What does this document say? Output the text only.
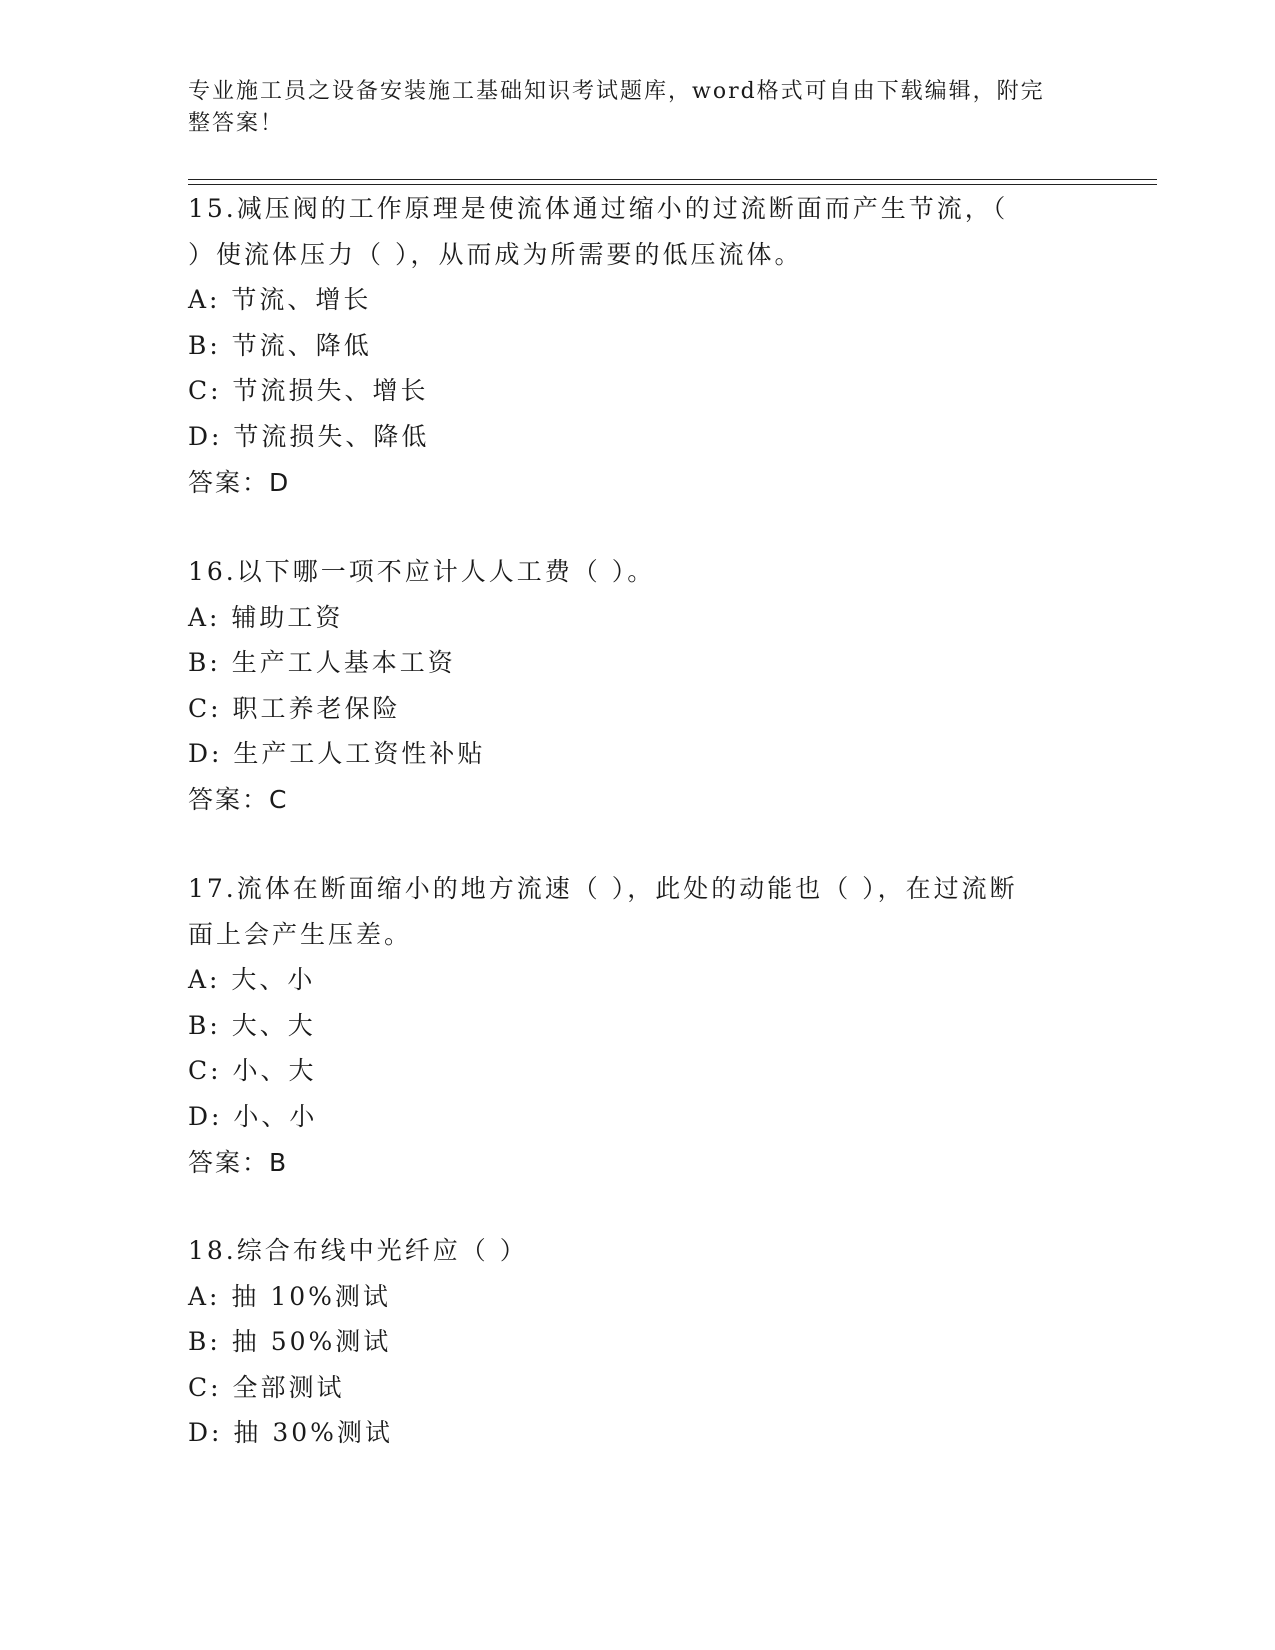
专业施工员之设备安装施工基础知识考试题库，word格式可自由下载编辑，附完
整答案！
15.减压阀的工作原理是使流体通过缩小的过流断面而产生节流，（
）使流体压力（ ），从而成为所需要的低压流体。
A: 节流、增长
B: 节流、降低
C: 节流损失、增长
D: 节流损失、降低
答案：D
16.以下哪一项不应计人人工费（ ）。
A: 辅助工资
B: 生产工人基本工资
C: 职工养老保险
D: 生产工人工资性补贴
答案：C
17.流体在断面缩小的地方流速（ ），此处的动能也（ ），在过流断
面上会产生压差。
A: 大、小
B: 大、大
C: 小、大
D: 小、小
答案：B
18.综合布线中光纤应（ ）
A: 抽 10%测试
B: 抽 50%测试
C: 全部测试
D: 抽 30%测试
